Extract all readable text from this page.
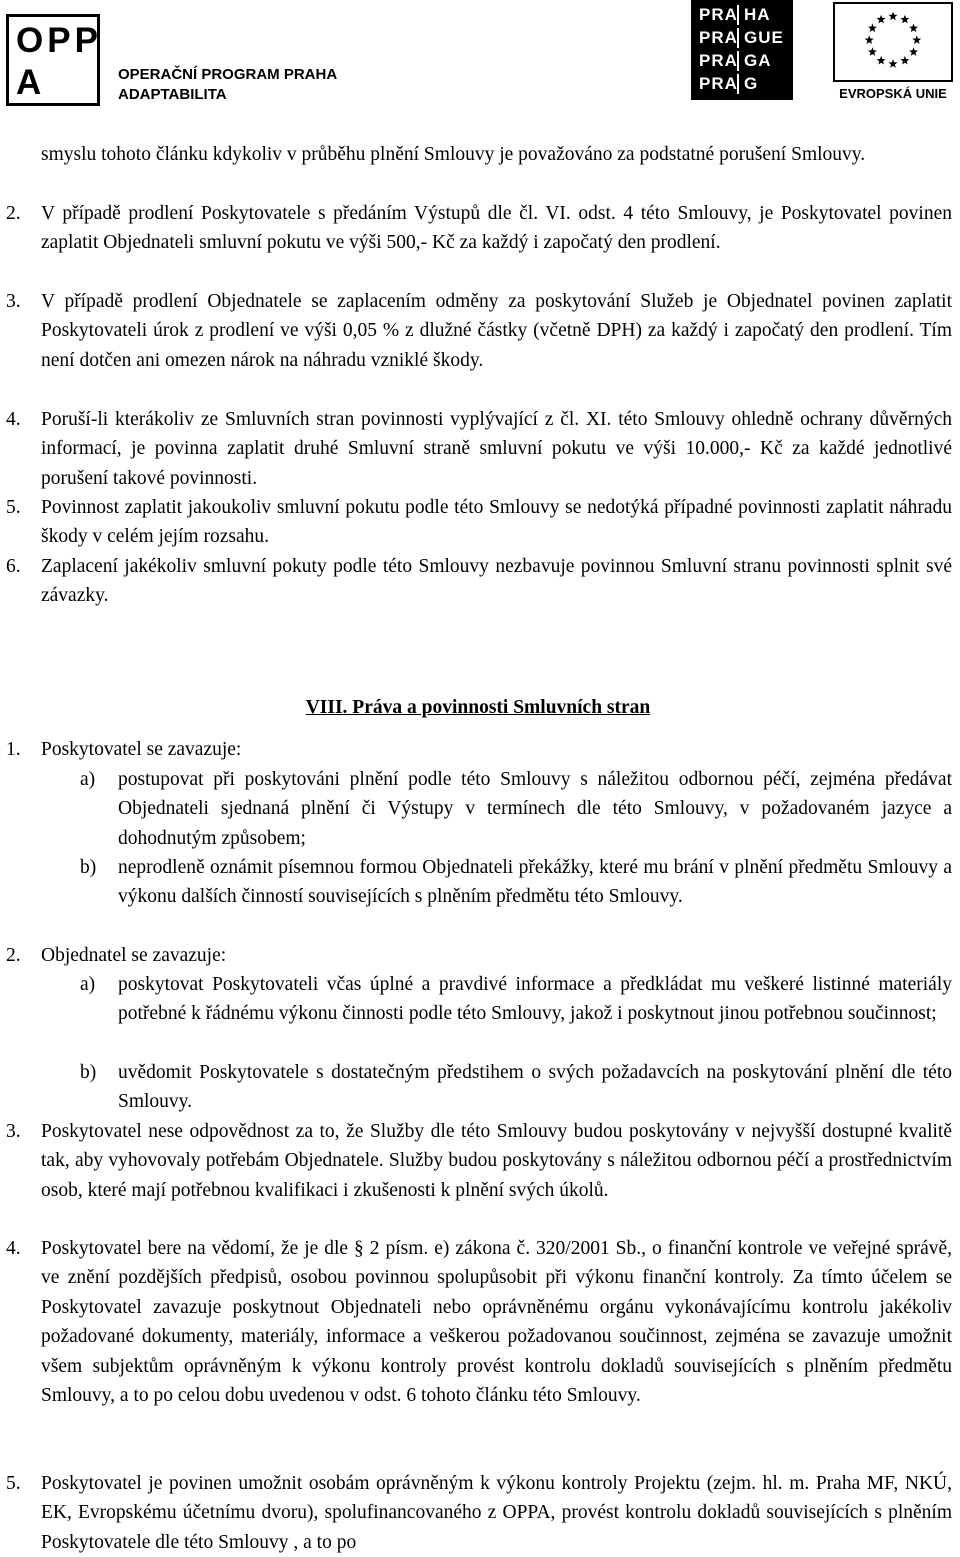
OPP
A	OPERAČNÍ PROGRAM PRAHA
ADAPTABILITA
PRA HA
PRA GUE
PRA GA
PRA G
EVROPSKÁ UNIE
smyslu tohoto článku kdykoliv v průběhu plnění Smlouvy je považováno za podstatné porušení Smlouvy.
2. V případě prodlení Poskytovatele s předáním Výstupů dle čl. VI. odst. 4 této Smlouvy, je Poskytovatel povinen zaplatit Objednateli smluvní pokutu ve výši 500,- Kč za každý i započatý den prodlení.
3. V případě prodlení Objednatele se zaplacením odměny za poskytování Služeb je Objednatel povinen zaplatit Poskytovateli úrok z prodlení ve výši 0,05 % z dlužné částky (včetně DPH) za každý i započatý den prodlení. Tím není dotčen ani omezen nárok na náhradu vzniklé škody.
4. Poruší-li kterákoliv ze Smluvních stran povinnosti vyplývající z čl. XI. této Smlouvy ohledně ochrany důvěrných informací, je povinna zaplatit druhé Smluvní straně smluvní pokutu ve výši 10.000,- Kč za každé jednotlivé porušení takové povinnosti.
5. Povinnost zaplatit jakoukoliv smluvní pokutu podle této Smlouvy se nedotýká případné povinnosti zaplatit náhradu škody v celém jejím rozsahu.
6. Zaplacení jakékoliv smluvní pokuty podle této Smlouvy nezbavuje povinnou Smluvní stranu povinnosti splnit své závazky.
VIII. Práva a povinnosti Smluvních stran
1. Poskytovatel se zavazuje:
a) postupovat při poskytováni plnění podle této Smlouvy s náležitou odbornou péčí, zejména předávat Objednateli sjednaná plnění či Výstupy v termínech dle této Smlouvy, v požadovaném jazyce a dohodnutým způsobem;
b) neprodleně oznámit písemnou formou Objednateli překážky, které mu brání v plnění předmětu Smlouvy a výkonu dalších činností souvisejících s plněním předmětu této Smlouvy.
2. Objednatel se zavazuje:
a) poskytovat Poskytovateli včas úplné a pravdivé informace a předkládat mu veškeré listinné materiály potřebné k řádnému výkonu činnosti podle této Smlouvy, jakož i poskytnout jinou potřebnou součinnost;
b) uvědomit Poskytovatele s dostatečným předstihem o svých požadavcích na poskytování plnění dle této Smlouvy.
3. Poskytovatel nese odpovědnost za to, že Služby dle této Smlouvy budou poskytovány v nejvyšší dostupné kvalitě tak, aby vyhovovaly potřebám Objednatele. Služby budou poskytovány s náležitou odbornou péčí a prostřednictvím osob, které mají potřebnou kvalifikaci i zkušenosti k plnění svých úkolů.
4. Poskytovatel bere na vědomí, že je dle § 2 písm. e) zákona č. 320/2001 Sb., o finanční kontrole ve veřejné správě, ve znění pozdějších předpisů, osobou povinnou spolupůsobit při výkonu finanční kontroly. Za tímto účelem se Poskytovatel zavazuje poskytnout Objednateli nebo oprávněnému orgánu vykonávajícímu kontrolu jakékoliv požadované dokumenty, materiály, informace a veškerou požadovanou součinnost, zejména se zavazuje umožnit všem subjektům oprávněným k výkonu kontroly provést kontrolu dokladů souvisejících s plněním předmětu Smlouvy, a to po celou dobu uvedenou v odst. 6 tohoto článku této Smlouvy.
5. Poskytovatel je povinen umožnit osobám oprávněným k výkonu kontroly Projektu (zejm. hl. m. Praha MF, NKÚ, EK, Evropskému účetnímu dvoru), spolufinancovaného z OPPA, provést kontrolu dokladů souvisejících s plněním Poskytovatele dle této Smlouvy , a to po
